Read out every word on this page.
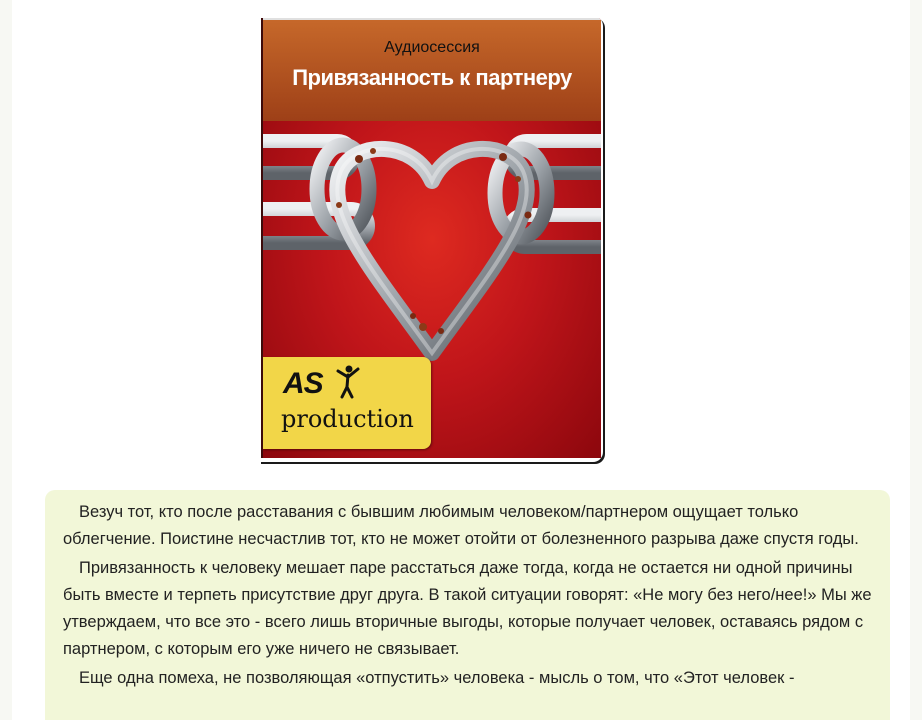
Аудиосессия
Привязанность к партнеру
AS
production

Везуч тот, кто после расставания с бывшим любимым человеком/партнером ощущает только облегчение. Поистине несчастлив тот, кто не может отойти от болезненного разрыва даже спустя годы.

Привязанность к человеку мешает паре расстаться даже тогда, когда не остается ни одной причины быть вместе и терпеть присутствие друг друга. В такой ситуации говорят: «Не могу без него/нее!» Мы же утверждаем, что все это - всего лишь вторичные выгоды, которые получает человек, оставаясь рядом с партнером, с которым его уже ничего не связывает.

Еще одна помеха, не позволяющая «отпустить» человека - мысль о том, что «Этот человек -
